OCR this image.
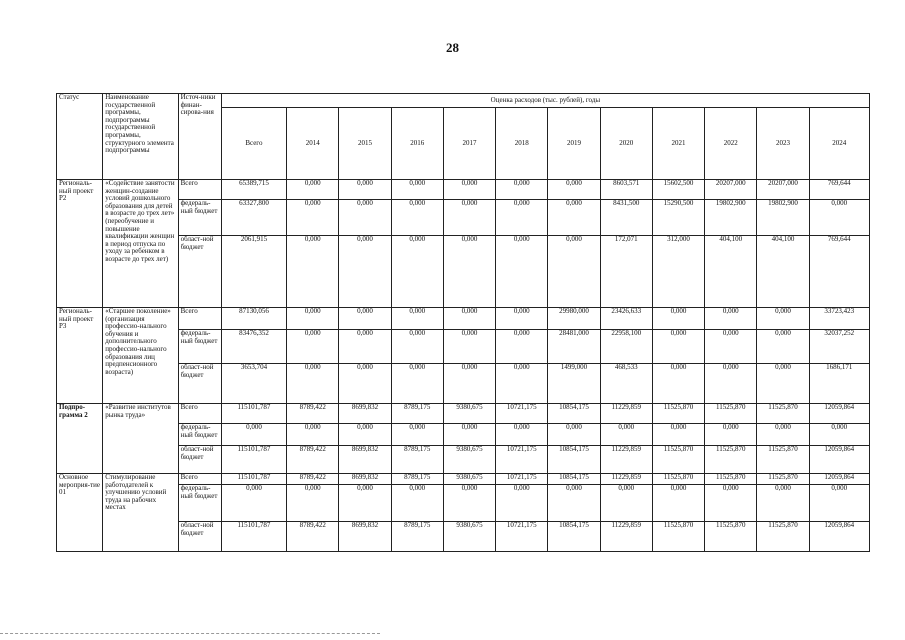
28
Статус	Наименование государственной программы, подпрограммы государственной программы, структурного элемента подпрограммы	Источ-ники финан-сирова-ния	Оценка расходов (тыс. рублей), годы											
			Всего	2014	2015	2016	2017	2018	2019	2020	2021	2022	2023	2024
Региональ-ный проект Р2	«Содействие занятости женщин-создание условий дошкольного образования для детей в возрасте до трех лет» (переобучение и повышение квалификации женщин в период отпуска по уходу за ребенком в возрасте до трех лет)	Всего	65389,715	0,000	0,000	0,000	0,000	0,000	0,000	8603,571	15602,500	20207,000	20207,000	769,644
		федераль-ный бюджет	63327,800	0,000	0,000	0,000	0,000	0,000	0,000	8431,500	15290,500	19802,900	19802,900	0,000
		област-ной бюджет	2061,915	0,000	0,000	0,000	0,000	0,000	0,000	172,071	312,000	404,100	404,100	769,644
Региональ-ный проект Р3	«Старшее поколение» (организация профессио-нального обучения и дополнительного профессио-нального образования лиц предпенсионного возраста)	Всего	87130,056	0,000	0,000	0,000	0,000	0,000	29980,000	23426,633	0,000	0,000	0,000	33723,423
		федераль-ный бюджет	83476,352	0,000	0,000	0,000	0,000	0,000	28481,000	22958,100	0,000	0,000	0,000	32037,252
		област-ной бюджет	3653,704	0,000	0,000	0,000	0,000	0,000	1499,000	468,533	0,000	0,000	0,000	1686,171
Подпро-грамма 2	«Развитие институтов рынка труда»	Всего	115101,787	8789,422	8699,832	8789,175	9380,675	10721,175	10854,175	11229,859	11525,870	11525,870	11525,870	12059,864
		федераль-ный бюджет	0,000	0,000	0,000	0,000	0,000	0,000	0,000	0,000	0,000	0,000	0,000	0,000
		област-ной бюджет	115101,787	8789,422	8699,832	8789,175	9380,675	10721,175	10854,175	11229,859	11525,870	11525,870	11525,870	12059,864
Основное мероприя-тие 01	Стимулирование работодателей к улучшению условий труда на рабочих местах	Всего	115101,787	8789,422	8699,832	8789,175	9380,675	10721,175	10854,175	11229,859	11525,870	11525,870	11525,870	12059,864
		федераль-ный бюджет	0,000	0,000	0,000	0,000	0,000	0,000	0,000	0,000	0,000	0,000	0,000	0,000
		област-ной бюджет	115101,787	8789,422	8699,832	8789,175	9380,675	10721,175	10854,175	11229,859	11525,870	11525,870	11525,870	12059,864
